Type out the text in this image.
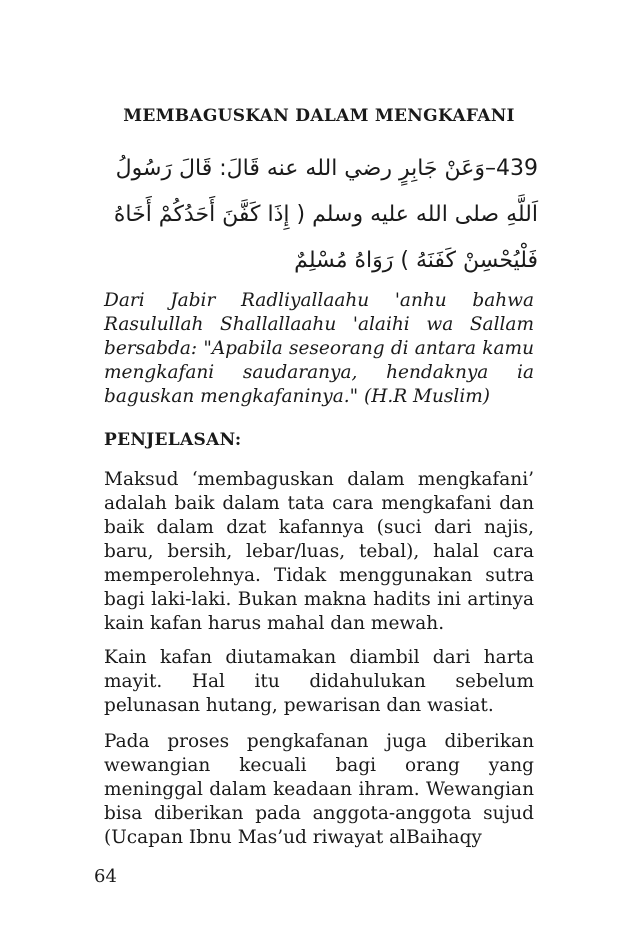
MEMBAGUSKAN DALAM MENGKAFANI
439–وَعَنْ جَابِرٍ رضي الله عنه قَالَ: قَالَ رَسُولُ اَللَّهِ صلى الله عليه وسلم ( إِذَا كَفَّنَ أَحَدُكُمْ أَخَاهُ فَلْيُحْسِنْ كَفَنَهُ ) رَوَاهُ مُسْلِمٌ

Dari Jabir Radliyallaahu 'anhu bahwa Rasulullah Shallallaahu 'alaihi wa Sallam bersabda: "Apabila seseorang di antara kamu mengkafani saudaranya, hendaknya ia baguskan mengkafaninya." (H.R Muslim)

PENJELASAN:

Maksud ‘membaguskan dalam mengkafani’ adalah baik dalam tata cara mengkafani dan baik dalam dzat kafannya (suci dari najis, baru, bersih, lebar/luas, tebal), halal cara memperolehnya. Tidak menggunakan sutra bagi laki-laki. Bukan makna hadits ini artinya kain kafan harus mahal dan mewah.

Kain kafan diutamakan diambil dari harta mayit. Hal itu didahulukan sebelum pelunasan hutang, pewarisan dan wasiat.

Pada proses pengkafanan juga diberikan wewangian kecuali bagi orang yang meninggal dalam keadaan ihram. Wewangian bisa diberikan pada anggota-anggota sujud (Ucapan Ibnu Mas’ud riwayat alBaihaqy

64
